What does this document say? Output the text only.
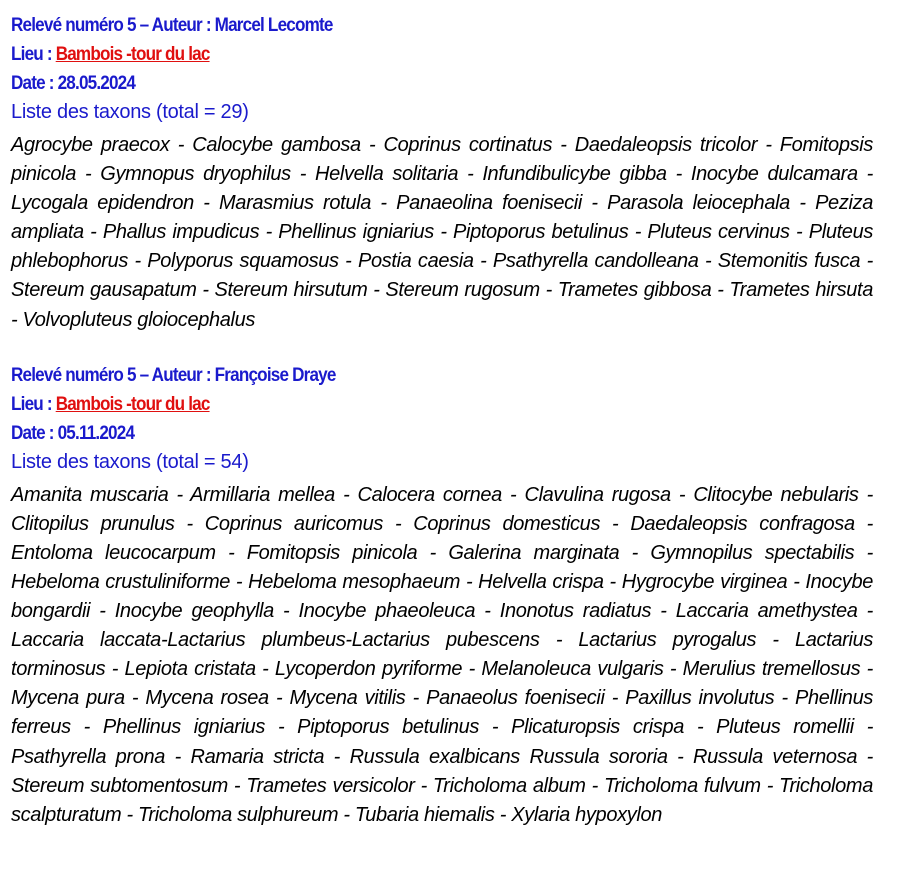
Relevé numéro 5 – Auteur : Marcel Lecomte
Lieu : Bambois -tour du lac
Date : 28.05.2024
Liste des taxons (total = 29)

Agrocybe praecox - Calocybe gambosa - Coprinus cortinatus - Daedaleopsis tricolor - Fomitopsis pinicola - Gymnopus dryophilus - Helvella solitaria - Infundibulicybe gibba - Inocybe dulcamara - Lycogala epidendron - Marasmius rotula - Panaeolina foenisecii - Parasola leiocephala - Peziza ampliata - Phallus impudicus - Phellinus igniarius - Piptoporus betulinus - Pluteus cervinus - Pluteus phlebophorus - Polyporus squamosus - Postia caesia - Psathyrella candolleana - Stemonitis fusca - Stereum gausapatum - Stereum hirsutum - Stereum rugosum - Trametes gibbosa - Trametes hirsuta - Volvopluteus gloiocephalus

Relevé numéro 5 – Auteur : Françoise Draye
Lieu : Bambois -tour du lac
Date : 05.11.2024
Liste des taxons (total = 54)

Amanita muscaria - Armillaria mellea - Calocera cornea - Clavulina rugosa - Clitocybe nebularis - Clitopilus prunulus - Coprinus auricomus - Coprinus domesticus - Daedaleopsis confragosa - Entoloma leucocarpum - Fomitopsis pinicola - Galerina marginata - Gymnopilus spectabilis - Hebeloma crustuliniforme - Hebeloma mesophaeum - Helvella crispa - Hygrocybe virginea - Inocybe bongardii - Inocybe geophylla - Inocybe phaeoleuca - Inonotus radiatus - Laccaria amethystea -Laccaria laccata-Lactarius plumbeus-Lactarius pubescens - Lactarius pyrogalus - Lactarius torminosus - Lepiota cristata - Lycoperdon pyriforme - Melanoleuca vulgaris - Merulius tremellosus - Mycena pura - Mycena rosea - Mycena vitilis - Panaeolus foenisecii - Paxillus involutus - Phellinus ferreus - Phellinus igniarius - Piptoporus betulinus - Plicaturopsis crispa - Pluteus romellii - Psathyrella prona - Ramaria stricta - Russula exalbicans Russula sororia - Russula veternosa - Stereum subtomentosum - Trametes versicolor - Tricholoma album - Tricholoma fulvum - Tricholoma scalpturatum - Tricholoma sulphureum - Tubaria hiemalis - Xylaria hypoxylon
